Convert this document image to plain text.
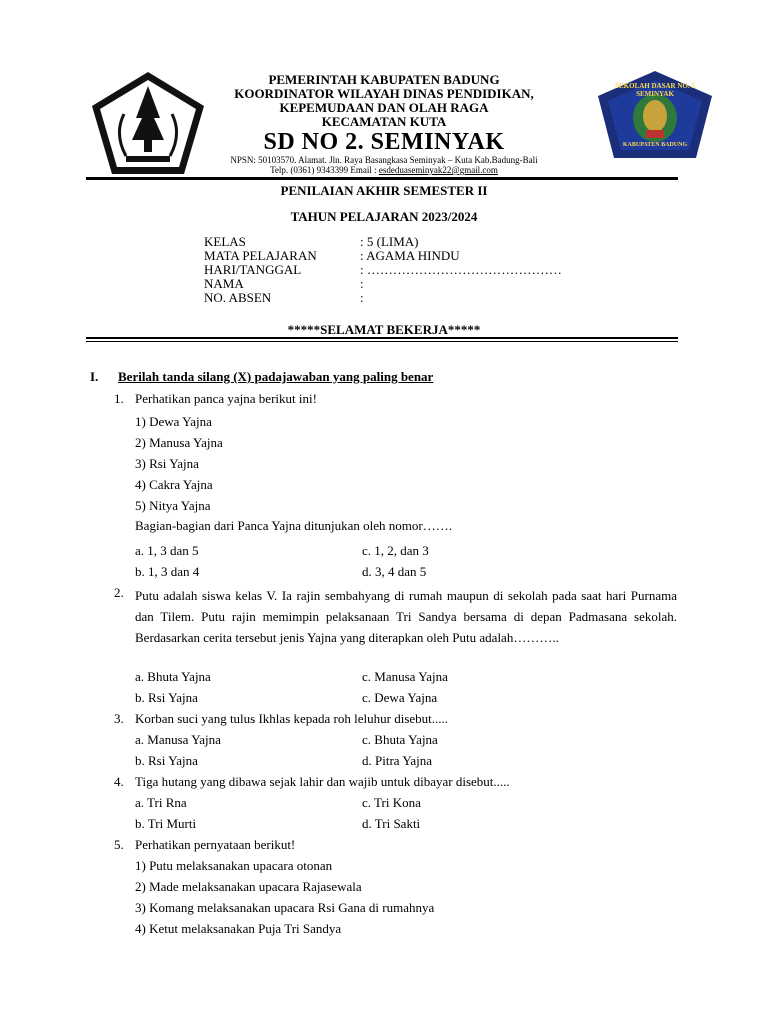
SEKOLAH DASAR NO. 2 SEMINYAK
KABUPATEN BADUNG
PEMERINTAH KABUPATEN BADUNG
KOORDINATOR WILAYAH DINAS PENDIDIKAN,
KEPEMUDAAN DAN OLAH RAGA
KECAMATAN KUTA
SD NO 2. SEMINYAK
NPSN: 50103570. Alamat. Jln. Raya Basangkasa Seminyak – Kuta Kab.Badung-Bali
Telp. (0361) 9343399 Email : esdeduaseminyak22@gmail.com
PENILAIAN AKHIR SEMESTER II
TAHUN PELAJARAN 2023/2024
KELAS	: 5 (LIMA)
MATA PELAJARAN	: AGAMA HINDU
HARI/TANGGAL	: ………………………………………
NAMA	:
NO. ABSEN	:
*****SELAMAT BEKERJA*****
I. Berilah tanda silang (X) padajawaban yang paling benar
1. Perhatikan panca yajna berikut ini!
1) Dewa Yajna
2) Manusa Yajna
3) Rsi Yajna
4) Cakra Yajna
5) Nitya Yajna
Bagian-bagian dari Panca Yajna ditunjukan oleh nomor…….
a. 1, 3 dan 5	c. 1, 2, dan 3
b. 1, 3 dan 4	d. 3, 4 dan 5
2. Putu adalah siswa kelas V. Ia rajin sembahyang di rumah maupun di sekolah pada saat hari Purnama dan Tilem. Putu rajin memimpin pelaksanaan Tri Sandya bersama di depan Padmasana sekolah. Berdasarkan cerita tersebut jenis Yajna yang diterapkan oleh Putu adalah………..
a. Bhuta Yajna	c. Manusa Yajna
b. Rsi Yajna	c. Dewa Yajna
3. Korban suci yang tulus Ikhlas kepada roh leluhur disebut.....
a. Manusa Yajna	c. Bhuta Yajna
b. Rsi Yajna	d. Pitra Yajna
4. Tiga hutang yang dibawa sejak lahir dan wajib untuk dibayar disebut.....
a. Tri Rna	c. Tri Kona
b. Tri Murti	d. Tri Sakti
5. Perhatikan pernyataan berikut!
1) Putu melaksanakan upacara otonan
2) Made melaksanakan upacara Rajasewala
3) Komang melaksanakan upacara Rsi Gana di rumahnya
4) Ketut melaksanakan Puja Tri Sandya
